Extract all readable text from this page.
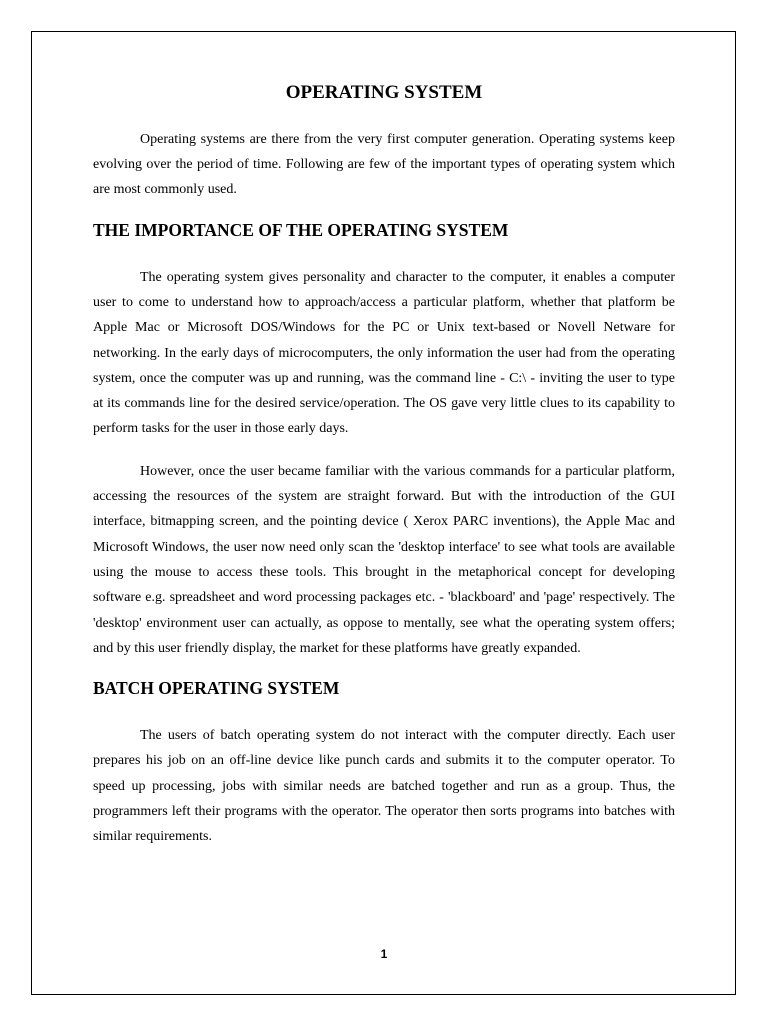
OPERATING SYSTEM

Operating systems are there from the very first computer generation. Operating systems keep evolving over the period of time. Following are few of the important types of operating system which are most commonly used.

THE IMPORTANCE OF THE OPERATING SYSTEM

The operating system gives personality and character to the computer, it enables a computer user to come to understand how to approach/access a particular platform, whether that platform be Apple Mac or Microsoft DOS/Windows for the PC or Unix text-based or Novell Netware for networking. In the early days of microcomputers, the only information the user had from the operating system, once the computer was up and running, was the command line - C:\ - inviting the user to type at its commands line for the desired service/operation. The OS gave very little clues to its capability to perform tasks for the user in those early days.

However, once the user became familiar with the various commands for a particular platform, accessing the resources of the system are straight forward. But with the introduction of the GUI interface, bitmapping screen, and the pointing device ( Xerox PARC inventions), the Apple Mac and Microsoft Windows, the user now need only scan the 'desktop interface' to see what tools are available using the mouse to access these tools. This brought in the metaphorical concept for developing software e.g. spreadsheet and word processing packages etc. - 'blackboard' and 'page' respectively. The 'desktop' environment user can actually, as oppose to mentally, see what the operating system offers; and by this user friendly display, the market for these platforms have greatly expanded.

BATCH OPERATING SYSTEM

The users of batch operating system do not interact with the computer directly. Each user prepares his job on an off-line device like punch cards and submits it to the computer operator. To speed up processing, jobs with similar needs are batched together and run as a group. Thus, the programmers left their programs with the operator. The operator then sorts programs into batches with similar requirements.

1
